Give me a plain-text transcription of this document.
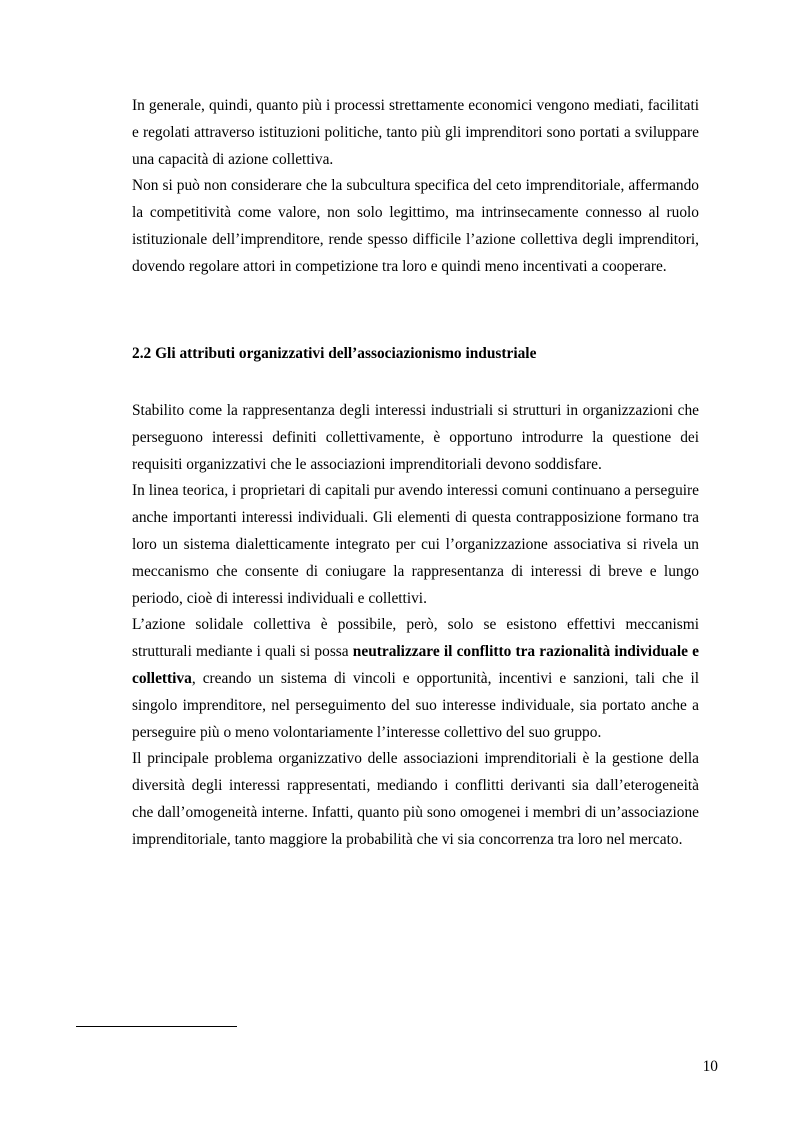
In generale, quindi, quanto più i processi strettamente economici vengono mediati, facilitati e regolati attraverso istituzioni politiche, tanto più gli imprenditori sono portati a sviluppare una capacità di azione collettiva.

Non si può non considerare che la subcultura specifica del ceto imprenditoriale, affermando la competitività come valore, non solo legittimo, ma intrinsecamente connesso al ruolo istituzionale dell’imprenditore, rende spesso difficile l’azione collettiva degli imprenditori, dovendo regolare attori in competizione tra loro e quindi meno incentivati a cooperare.

2.2 Gli attributi organizzativi dell’associazionismo industriale

Stabilito come la rappresentanza degli interessi industriali si strutturi in organizzazioni che perseguono interessi definiti collettivamente, è opportuno introdurre la questione dei requisiti organizzativi che le associazioni imprenditoriali devono soddisfare.

In linea teorica, i proprietari di capitali pur avendo interessi comuni continuano a perseguire anche importanti interessi individuali. Gli elementi di questa contrapposizione formano tra loro un sistema dialetticamente integrato per cui l’organizzazione associativa si rivela un meccanismo che consente di coniugare la rappresentanza di interessi di breve e lungo periodo, cioè di interessi individuali e collettivi.

L’azione solidale collettiva è possibile, però, solo se esistono effettivi meccanismi strutturali mediante i quali si possa neutralizzare il conflitto tra razionalità individuale e collettiva, creando un sistema di vincoli e opportunità, incentivi e sanzioni, tali che il singolo imprenditore, nel perseguimento del suo interesse individuale, sia portato anche a perseguire più o meno volontariamente l’interesse collettivo del suo gruppo.

Il principale problema organizzativo delle associazioni imprenditoriali è la gestione della diversità degli interessi rappresentati, mediando i conflitti derivanti sia dall’eterogeneità che dall’omogeneità interne. Infatti, quanto più sono omogenei i membri di un’associazione imprenditoriale, tanto maggiore la probabilità che vi sia concorrenza tra loro nel mercato.

10
